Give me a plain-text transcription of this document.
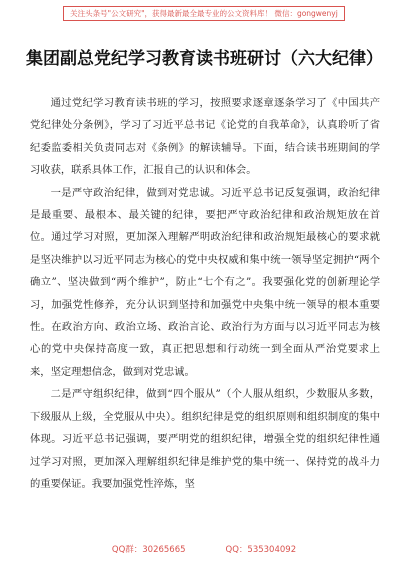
关注头条号"公文研究"，获得最新最全最专业的公文资料库！ 微信：gongwenyj
集团副总党纪学习教育读书班研讨（六大纪律）

通过党纪学习教育读书班的学习，按照要求逐章逐条学习了《中国共产党纪律处分条例》，学习了习近平总书记《论党的自我革命》，认真聆听了省纪委监委相关负责同志对《条例》的解读辅导。下面，结合读书班期间的学习收获，联系具体工作，汇报自己的认识和体会。

一是严守政治纪律，做到对党忠诚。习近平总书记反复强调，政治纪律是最重要、最根本、最关键的纪律，要把严守政治纪律和政治规矩放在首位。通过学习对照，更加深入理解严明政治纪律和政治规矩最核心的要求就是坚决维护以习近平同志为核心的党中央权威和集中统一领导坚定拥护“两个确立”、坚决做到“两个维护”，防止“七个有之”。我要强化党的创新理论学习，加强党性修养，充分认识到坚持和加强党中央集中统一领导的根本重要性。在政治方向、政治立场、政治言论、政治行为方面与以习近平同志为核心的党中央保持高度一致，真正把思想和行动统一到全面从严治党要求上来，坚定理想信念，做到对党忠诚。

二是严守组织纪律，做到“四个服从”（个人服从组织，少数服从多数，下级服从上级，全党服从中央）。组织纪律是党的组织原则和组织制度的集中体现。习近平总书记强调，要严明党的组织纪律，增强全党的组织纪律性通过学习对照，更加深入理解组织纪律是维护党的集中统一、保持党的战斗力的重要保证。我要加强党性淬炼，坚

QQ群：30265665	QQ：535304092
